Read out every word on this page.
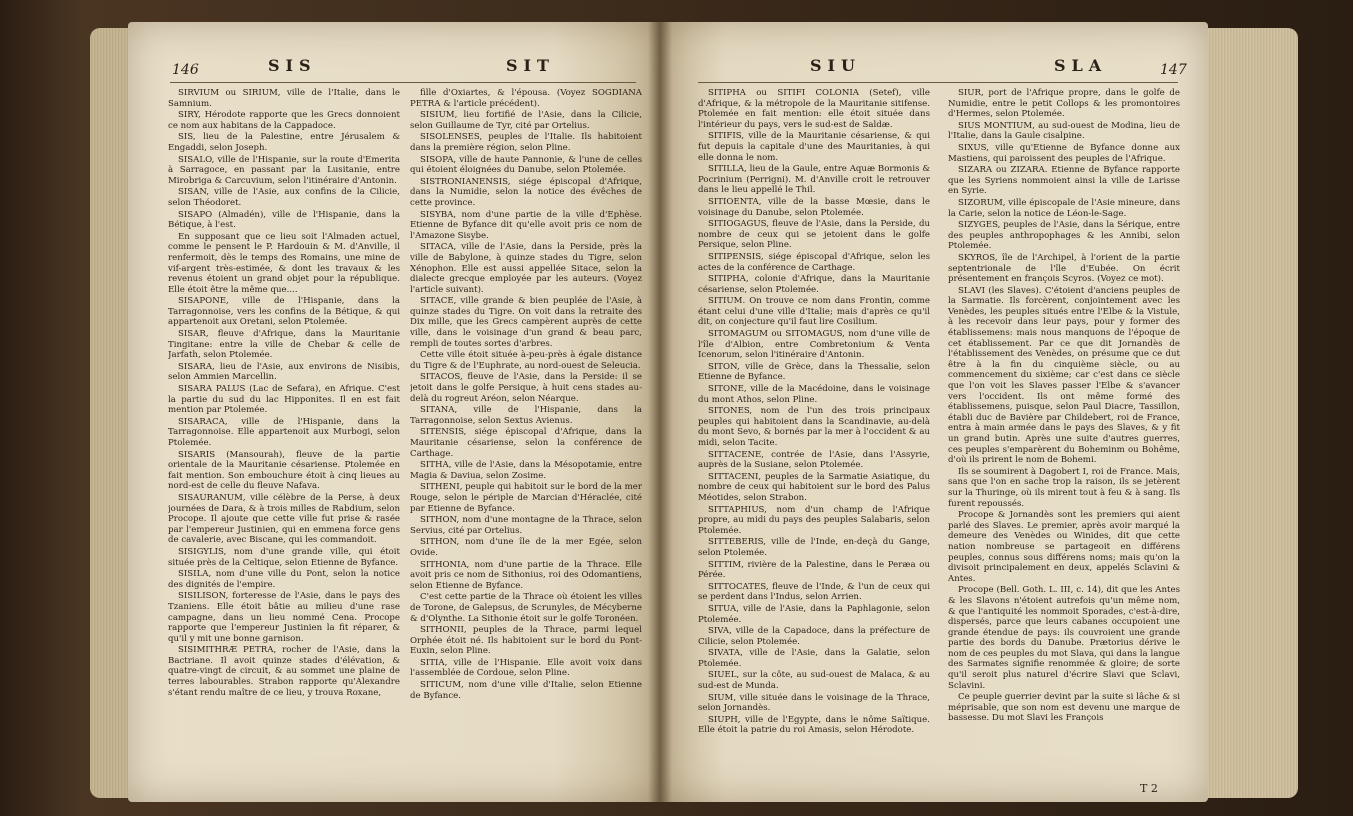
146	SIS	SIT

SIRVIUM ou SIRIUM, ville de l'Italie, dans le Samnium.

SIRY, Hérodote rapporte que les Grecs donnoient ce nom aux habitans de la Cappadoce.

SIS, lieu de la Palestine, entre Jérusalem & Engaddi, selon Joseph.

SISALO, ville de l'Hispanie, sur la route d'Emerita à Sarragoce, en passant par la Lusitanie, entre Mirobriga & Carcuvium, selon l'itinéraire d'Antonin.

SISAN, ville de l'Asie, aux confins de la Cilicie, selon Théodoret.

SISAPO (Almadén), ville de l'Hispanie, dans la Bétique, à l'est.

En supposant que ce lieu soit l'Almaden actuel, comme le pensent le P. Hardouin & M. d'Anville, il renfermoit, dès le temps des Romains, une mine de vif-argent très-estimée, & dont les travaux & les revenus étoient un grand objet pour la république. Elle étoit être la même que....

SISAPONE, ville de l'Hispanie, dans la Tarragonnoise, vers les confins de la Bétique, & qui appartenoit aux Oretani, selon Ptolemée.

SISAR, fleuve d'Afrique, dans la Mauritanie Tingitane: entre la ville de Chebar & celle de Jarfath, selon Ptolemée.

SISARA, lieu de l'Asie, aux environs de Nisibis, selon Ammien Marcellin.

SISARA PALUS (Lac de Sefara), en Afrique. C'est la partie du sud du lac Hipponites. Il en est fait mention par Ptolemée.

SISARACA, ville de l'Hispanie, dans la Tarragonnoise. Elle appartenoit aux Murbogi, selon Ptolemée.

SISARIS (Mansourah), fleuve de la partie orientale de la Mauritanie césariense. Ptolemée en fait mention. Son embouchure étoit à cinq lieues au nord-est de celle du fleuve Nafava.

SISAURANUM, ville célèbre de la Perse, à deux journées de Dara, & à trois milles de Rabdium, selon Procope. Il ajoute que cette ville fut prise & rasée par l'empereur Justinien, qui en emmena force gens de cavalerie, avec Biscane, qui les commandoit.

SISIGYLIS, nom d'une grande ville, qui étoit située près de la Celtique, selon Etienne de Byfance.

SISILA, nom d'une ville du Pont, selon la notice des dignités de l'empire.

SISILISON, forteresse de l'Asie, dans le pays des Tzaniens. Elle étoit bâtie au milieu d'une rase campagne, dans un lieu nommé Cena. Procope rapporte que l'empereur Justinien la fit réparer, & qu'il y mit une bonne garnison.

SISIMITHRÆ PETRA, rocher de l'Asie, dans la Bactriane. Il avoit quinze stades d'élévation, & quatre-vingt de circuit, & au sommet une plaine de terres labourables. Strabon rapporte qu'Alexandre s'étant rendu maître de ce lieu, y trouva Roxane,

fille d'Oxiartes, & l'épousa. (Voyez SOGDIANA PETRA & l'article précédent).

SISIUM, lieu fortifié de l'Asie, dans la Cilicie, selon Guillaume de Tyr, cité par Ortelius.

SISOLENSES, peuples de l'Italie. Ils habitoient dans la première région, selon Pline.

SISOPA, ville de haute Pannonie, & l'une de celles qui étoient éloignées du Danube, selon Ptolemée.

SISTRONIANENSIS, siége épiscopal d'Afrique, dans la Numidie, selon la notice des évêches de cette province.

SISYBA, nom d'une partie de la ville d'Ephèse. Etienne de Byfance dit qu'elle avoit pris ce nom de l'Amazone Sisybe.

SITACA, ville de l'Asie, dans la Perside, près la ville de Babylone, à quinze stades du Tigre, selon Xénophon. Elle est aussi appellée Sitace, selon la dialecte grecque employée par les auteurs. (Voyez l'article suivant).

SITACE, ville grande & bien peuplée de l'Asie, à quinze stades du Tigre. On voit dans la retraite des Dix mille, que les Grecs campèrent auprès de cette ville, dans le voisinage d'un grand & beau parc, rempli de toutes sortes d'arbres.

Cette ville étoit située à-peu-près à égale distance du Tigre & de l'Euphrate, au nord-ouest de Seleucia.

SITACOS, fleuve de l'Asie, dans la Perside: il se jetoit dans le golfe Persique, à huit cens stades au-delà du rogreut Aréon, selon Néarque.

SITANA, ville de l'Hispanie, dans la Tarragonnoise, selon Sextus Avienus.

SITENSIS, siége épiscopal d'Afrique, dans la Mauritanie césariense, selon la conférence de Carthage.

SITHA, ville de l'Asie, dans la Mésopotamie, entre Magia & Daviua, selon Zosime.

SITHENI, peuple qui habitoit sur le bord de la mer Rouge, selon le périple de Marcian d'Héraclée, cité par Etienne de Byfance.

SITHON, nom d'une montagne de la Thrace, selon Servius, cité par Ortelius.

SITHON, nom d'une île de la mer Egée, selon Ovide.

SITHONIA, nom d'une partie de la Thrace. Elle avoit pris ce nom de Sithonius, roi des Odomantiens, selon Etienne de Byfance.

C'est cette partie de la Thrace où étoient les villes de Torone, de Galepsus, de Scrunyles, de Mécyberne & d'Olynthe. La Sithonie étoit sur le golfe Toronéen.

SITHONII, peuples de la Thrace, parmi lequel Orphée étoit né. Ils habitoient sur le bord du Pont-Euxin, selon Pline.

SITIA, ville de l'Hispanie. Elle avoit voix dans l'assemblée de Cordoue, selon Pline.

SITICUM, nom d'une ville d'Italie, selon Etienne de Byfance.

SIU	SLA	147

SITIPHA ou SITIFI COLONIA (Setef), ville d'Afrique, & la métropole de la Mauritanie sitifense. Ptolemée en fait mention: elle étoit située dans l'intérieur du pays, vers le sud-est de Saldæ.

SITIFIS, ville de la Mauritanie césariense, & qui fut depuis la capitale d'une des Mauritanies, à qui elle donna le nom.

SITILLA, lieu de la Gaule, entre Aquæ Bormonis & Pocrinium (Perrigni). M. d'Anville croit le retrouver dans le lieu appellé le Thil.

SITIOENTA, ville de la basse Mœsie, dans le voisinage du Danube, selon Ptolemée.

SITIOGAGUS, fleuve de l'Asie, dans la Perside, du nombre de ceux qui se jetoient dans le golfe Persique, selon Pline.

SITIPENSIS, siége épiscopal d'Afrique, selon les actes de la conférence de Carthage.

SITIPHA, colonie d'Afrique, dans la Mauritanie césariense, selon Ptolemée.

SITIUM. On trouve ce nom dans Frontin, comme étant celui d'une ville d'Italie; mais d'après ce qu'il dit, on conjecture qu'il faut lire Cosilium.

SITOMAGUM ou SITOMAGUS, nom d'une ville de l'île d'Albion, entre Combretonium & Venta Icenorum, selon l'itinéraire d'Antonin.

SITON, ville de Grèce, dans la Thessalie, selon Etienne de Byfance.

SITONE, ville de la Macédoine, dans le voisinage du mont Athos, selon Pline.

SITONES, nom de l'un des trois principaux peuples qui habitoient dans la Scandinavie, au-delà du mont Sevo, & bornés par la mer à l'occident & au midi, selon Tacite.

SITTACENE, contrée de l'Asie, dans l'Assyrie, auprès de la Susiane, selon Ptolemée.

SITTACENI, peuples de la Sarmatie Asiatique, du nombre de ceux qui habitoient sur le bord des Palus Méotides, selon Strabon.

SITTAPHIUS, nom d'un champ de l'Afrique propre, au midi du pays des peuples Salabaris, selon Ptolemée.

SITTEBERIS, ville de l'Inde, en-deçà du Gange, selon Ptolemée.

SITTIM, rivière de la Palestine, dans le Peræa ou Pérée.

SITTOCATES, fleuve de l'Inde, & l'un de ceux qui se perdent dans l'Indus, selon Arrien.

SITUA, ville de l'Asie, dans la Paphlagonie, selon Ptolemée.

SIVA, ville de la Capadoce, dans la préfecture de Cilicie, selon Ptolemée.

SIVATA, ville de l'Asie, dans la Galatie, selon Ptolemée.

SIUEL, sur la côte, au sud-ouest de Malaca, & au sud-est de Munda.

SIUM, ville située dans le voisinage de la Thrace, selon Jornandès.

SIUPH, ville de l'Egypte, dans le nôme Saïtique. Elle étoit la patrie du roi Amasis, selon Hérodote.

SIUR, port de l'Afrique propre, dans le golfe de Numidie, entre le petit Collops & les promontoires d'Hermes, selon Ptolemée.

SIUS MONTIUM, au sud-ouest de Modina, lieu de l'Italie, dans la Gaule cisalpine.

SIXUS, ville qu'Etienne de Byfance donne aux Mastiens, qui paroissent des peuples de l'Afrique.

SIZARA ou ZIZARA. Etienne de Byfance rapporte que les Syriens nommoient ainsi la ville de Larisse en Syrie.

SIZORUM, ville épiscopale de l'Asie mineure, dans la Carie, selon la notice de Léon-le-Sage.

SIZYGES, peuples de l'Asie, dans la Sérique, entre des peuples anthropophages & les Annibi, selon Ptolemée.

SKYROS, île de l'Archipel, à l'orient de la partie septentrionale de l'île d'Eubée. On écrit présentement en françois Scyros. (Voyez ce mot).

SLAVI (les Slaves). C'étoient d'anciens peuples de la Sarmatie. Ils forcèrent, conjointement avec les Venèdes, les peuples situés entre l'Elbe & la Vistule, à les recevoir dans leur pays, pour y former des établissemens: mais nous manquons de l'époque de cet établissement. Par ce que dit Jornandès de l'établissement des Venèdes, on présume que ce dut être à la fin du cinquième siècle, ou au commencement du sixième; car c'est dans ce siècle que l'on voit les Slaves passer l'Elbe & s'avancer vers l'occident. Ils ont même formé des établissemens, puisque, selon Paul Diacre, Tassillon, établi duc de Bavière par Childebert, roi de France, entra à main armée dans le pays des Slaves, & y fit un grand butin. Après une suite d'autres guerres, ces peuples s'emparèrent du Boheminm ou Bohême, d'où ils prirent le nom de Bohemi.

Ils se soumirent à Dagobert I, roi de France. Mais, sans que l'on en sache trop la raison, ils se jetèrent sur la Thuringe, où ils mirent tout à feu & à sang. Ils furent repoussés.

Procope & Jornandès sont les premiers qui aient parlé des Slaves. Le premier, après avoir marqué la demeure des Venèdes ou Winides, dit que cette nation nombreuse se partageoit en différens peuples, connus sous différens noms; mais qu'on la divisoit principalement en deux, appelés Sclavini & Antes.

Procope (Bell. Goth. L. III, c. 14), dit que les Antes & les Slavons n'étoient autrefois qu'un même nom, & que l'antiquité les nommoit Sporades, c'est-à-dire, dispersés, parce que leurs cabanes occupoient une grande étendue de pays: ils couvroient une grande partie des bords du Danube. Prætorius dérive le nom de ces peuples du mot Slava, qui dans la langue des Sarmates signifie renommée & gloire; de sorte qu'il seroit plus naturel d'écrire Slavi que Sclavi, Sclavini.

Ce peuple guerrier devint par la suite si lâche & si méprisable, que son nom est devenu une marque de bassesse. Du mot Slavi les François

T 2
